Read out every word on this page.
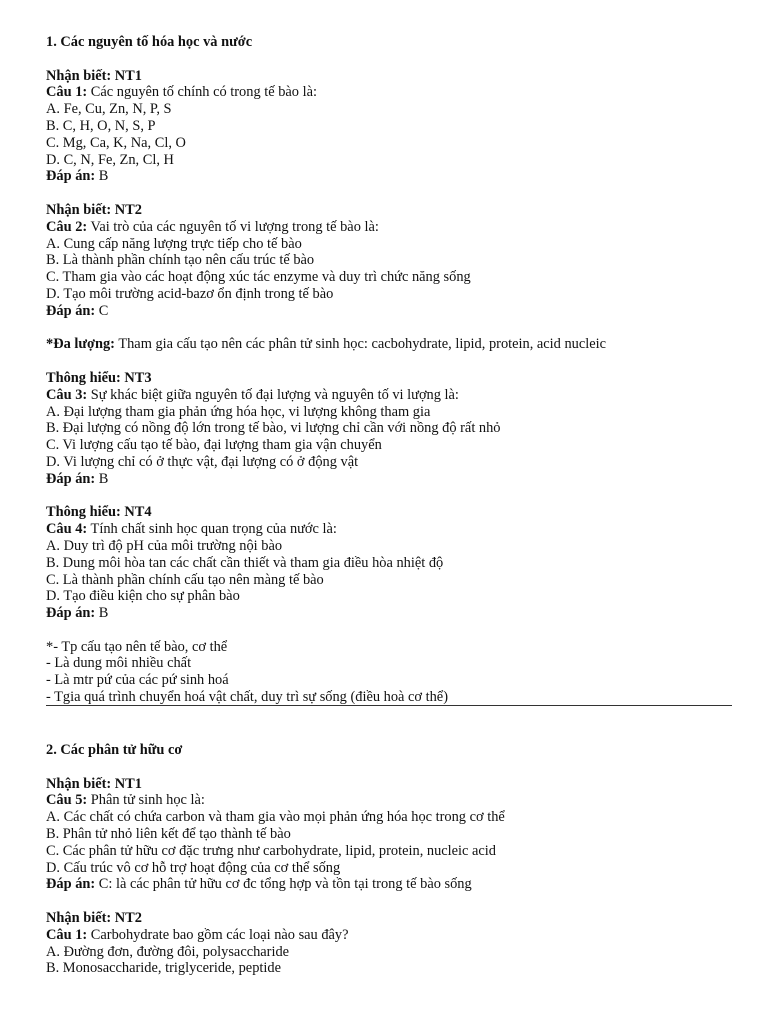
1. Các nguyên tố hóa học và nước
Nhận biết: NT1
Câu 1: Các nguyên tố chính có trong tế bào là:
A. Fe, Cu, Zn, N, P, S
B. C, H, O, N, S, P
C. Mg, Ca, K, Na, Cl, O
D. C, N, Fe, Zn, Cl, H
Đáp án: B
Nhận biết: NT2
Câu 2: Vai trò của các nguyên tố vi lượng trong tế bào là:
A. Cung cấp năng lượng trực tiếp cho tế bào
B. Là thành phần chính tạo nên cấu trúc tế bào
C. Tham gia vào các hoạt động xúc tác enzyme và duy trì chức năng sống
D. Tạo môi trường acid-bazơ ổn định trong tế bào
Đáp án: C
*Đa lượng: Tham gia cấu tạo nên các phân tử sinh học: cacbohydrate, lipid, protein, acid nucleic
Thông hiểu: NT3
Câu 3: Sự khác biệt giữa nguyên tố đại lượng và nguyên tố vi lượng là:
A. Đại lượng tham gia phản ứng hóa học, vi lượng không tham gia
B. Đại lượng có nồng độ lớn trong tế bào, vi lượng chỉ cần với nồng độ rất nhỏ
C. Vi lượng cấu tạo tế bào, đại lượng tham gia vận chuyển
D. Vi lượng chỉ có ở thực vật, đại lượng có ở động vật
Đáp án: B
Thông hiểu: NT4
Câu 4: Tính chất sinh học quan trọng của nước là:
A. Duy trì độ pH của môi trường nội bào
B. Dung môi hòa tan các chất cần thiết và tham gia điều hòa nhiệt độ
C. Là thành phần chính cấu tạo nên màng tế bào
D. Tạo điều kiện cho sự phân bào
Đáp án: B
*- Tp cấu tạo nên tế bào, cơ thể
- Là dung môi nhiều chất
- Là mtr pứ của các pứ sinh hoá
- Tgia quá trình chuyển hoá vật chất, duy trì sự sống (điều hoà cơ thể)
2. Các phân tử hữu cơ
Nhận biết: NT1
Câu 5: Phân tử sinh học là:
A. Các chất có chứa carbon và tham gia vào mọi phản ứng hóa học trong cơ thể
B. Phân tử nhỏ liên kết để tạo thành tế bào
C. Các phân tử hữu cơ đặc trưng như carbohydrate, lipid, protein, nucleic acid
D. Cấu trúc vô cơ hỗ trợ hoạt động của cơ thể sống
Đáp án: C: là các phân tử hữu cơ đc tổng hợp và tồn tại trong tế bào sống
Nhận biết: NT2
Câu 1: Carbohydrate bao gồm các loại nào sau đây?
A. Đường đơn, đường đôi, polysaccharide
B. Monosaccharide, triglyceride, peptide
